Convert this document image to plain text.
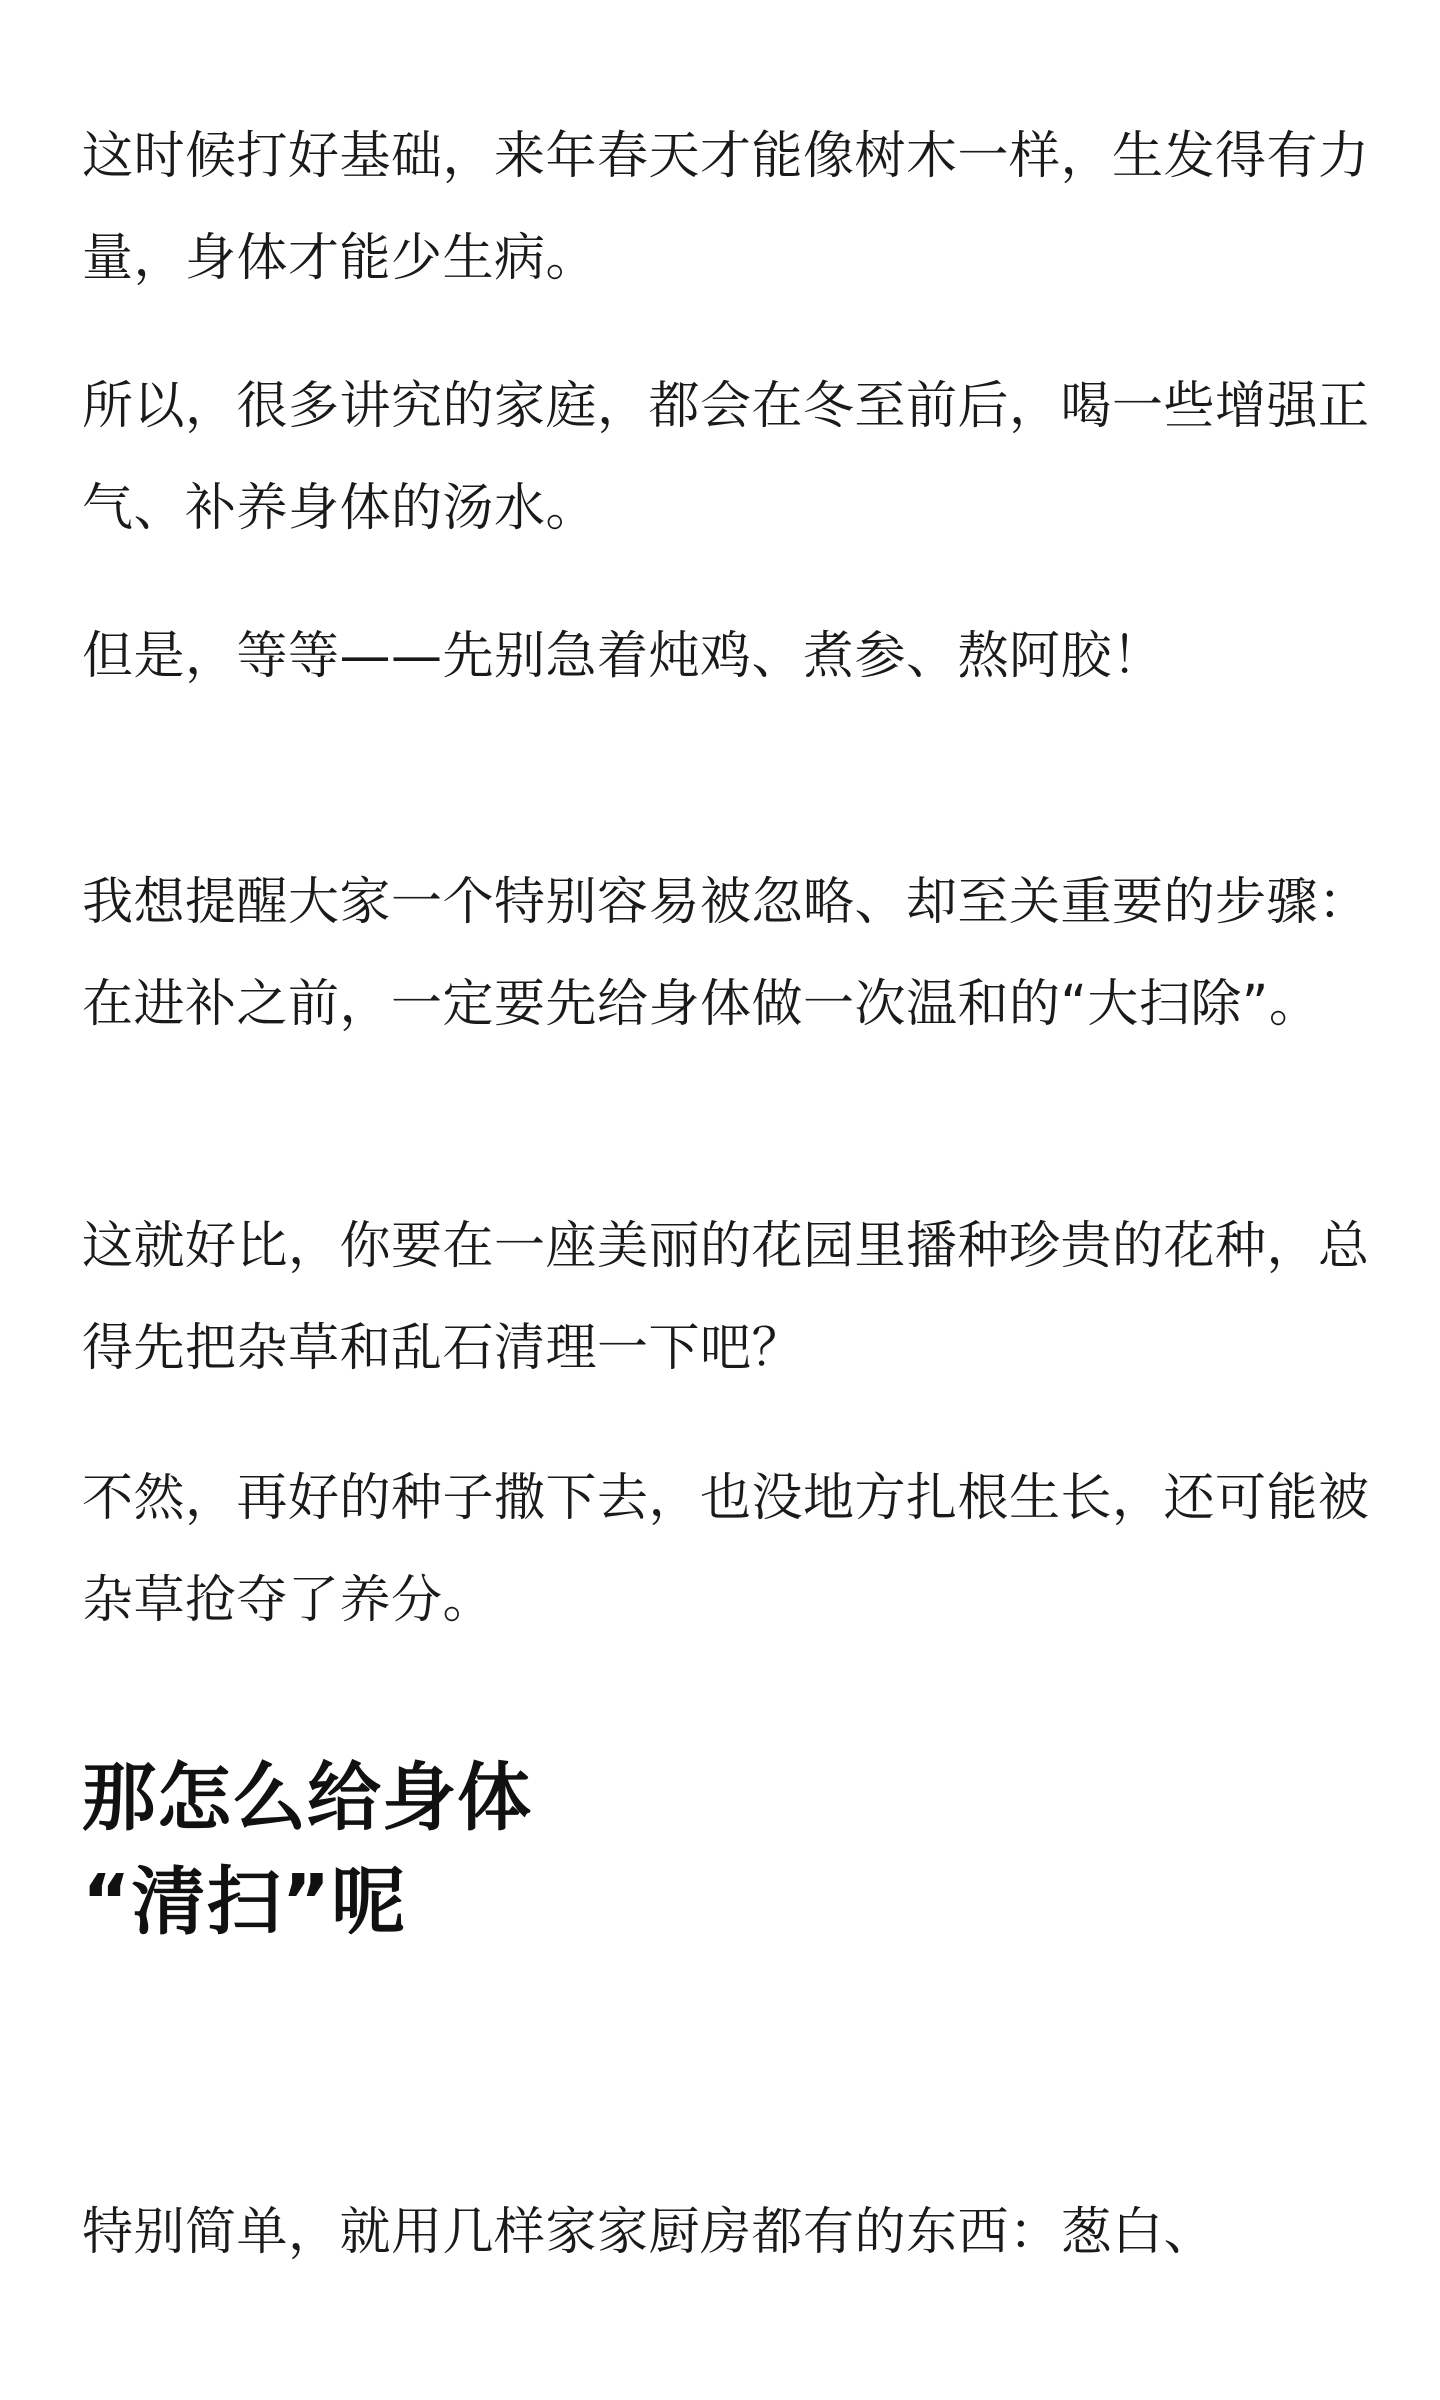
这时候打好基础，来年春天才能像树木一样，生发得有力量，身体才能少生病。

所以，很多讲究的家庭，都会在冬至前后，喝一些增强正气、补养身体的汤水。

但是，等等——先别急着炖鸡、煮参、熬阿胶！

我想提醒大家一个特别容易被忽略、却至关重要的步骤：在进补之前，一定要先给身体做一次温和的“大扫除”。

这就好比，你要在一座美丽的花园里播种珍贵的花种，总得先把杂草和乱石清理一下吧？

不然，再好的种子撒下去，也没地方扎根生长，还可能被杂草抢夺了养分。

那怎么给身体
“清扫”呢

特别简单，就用几样家家厨房都有的东西：葱白、
